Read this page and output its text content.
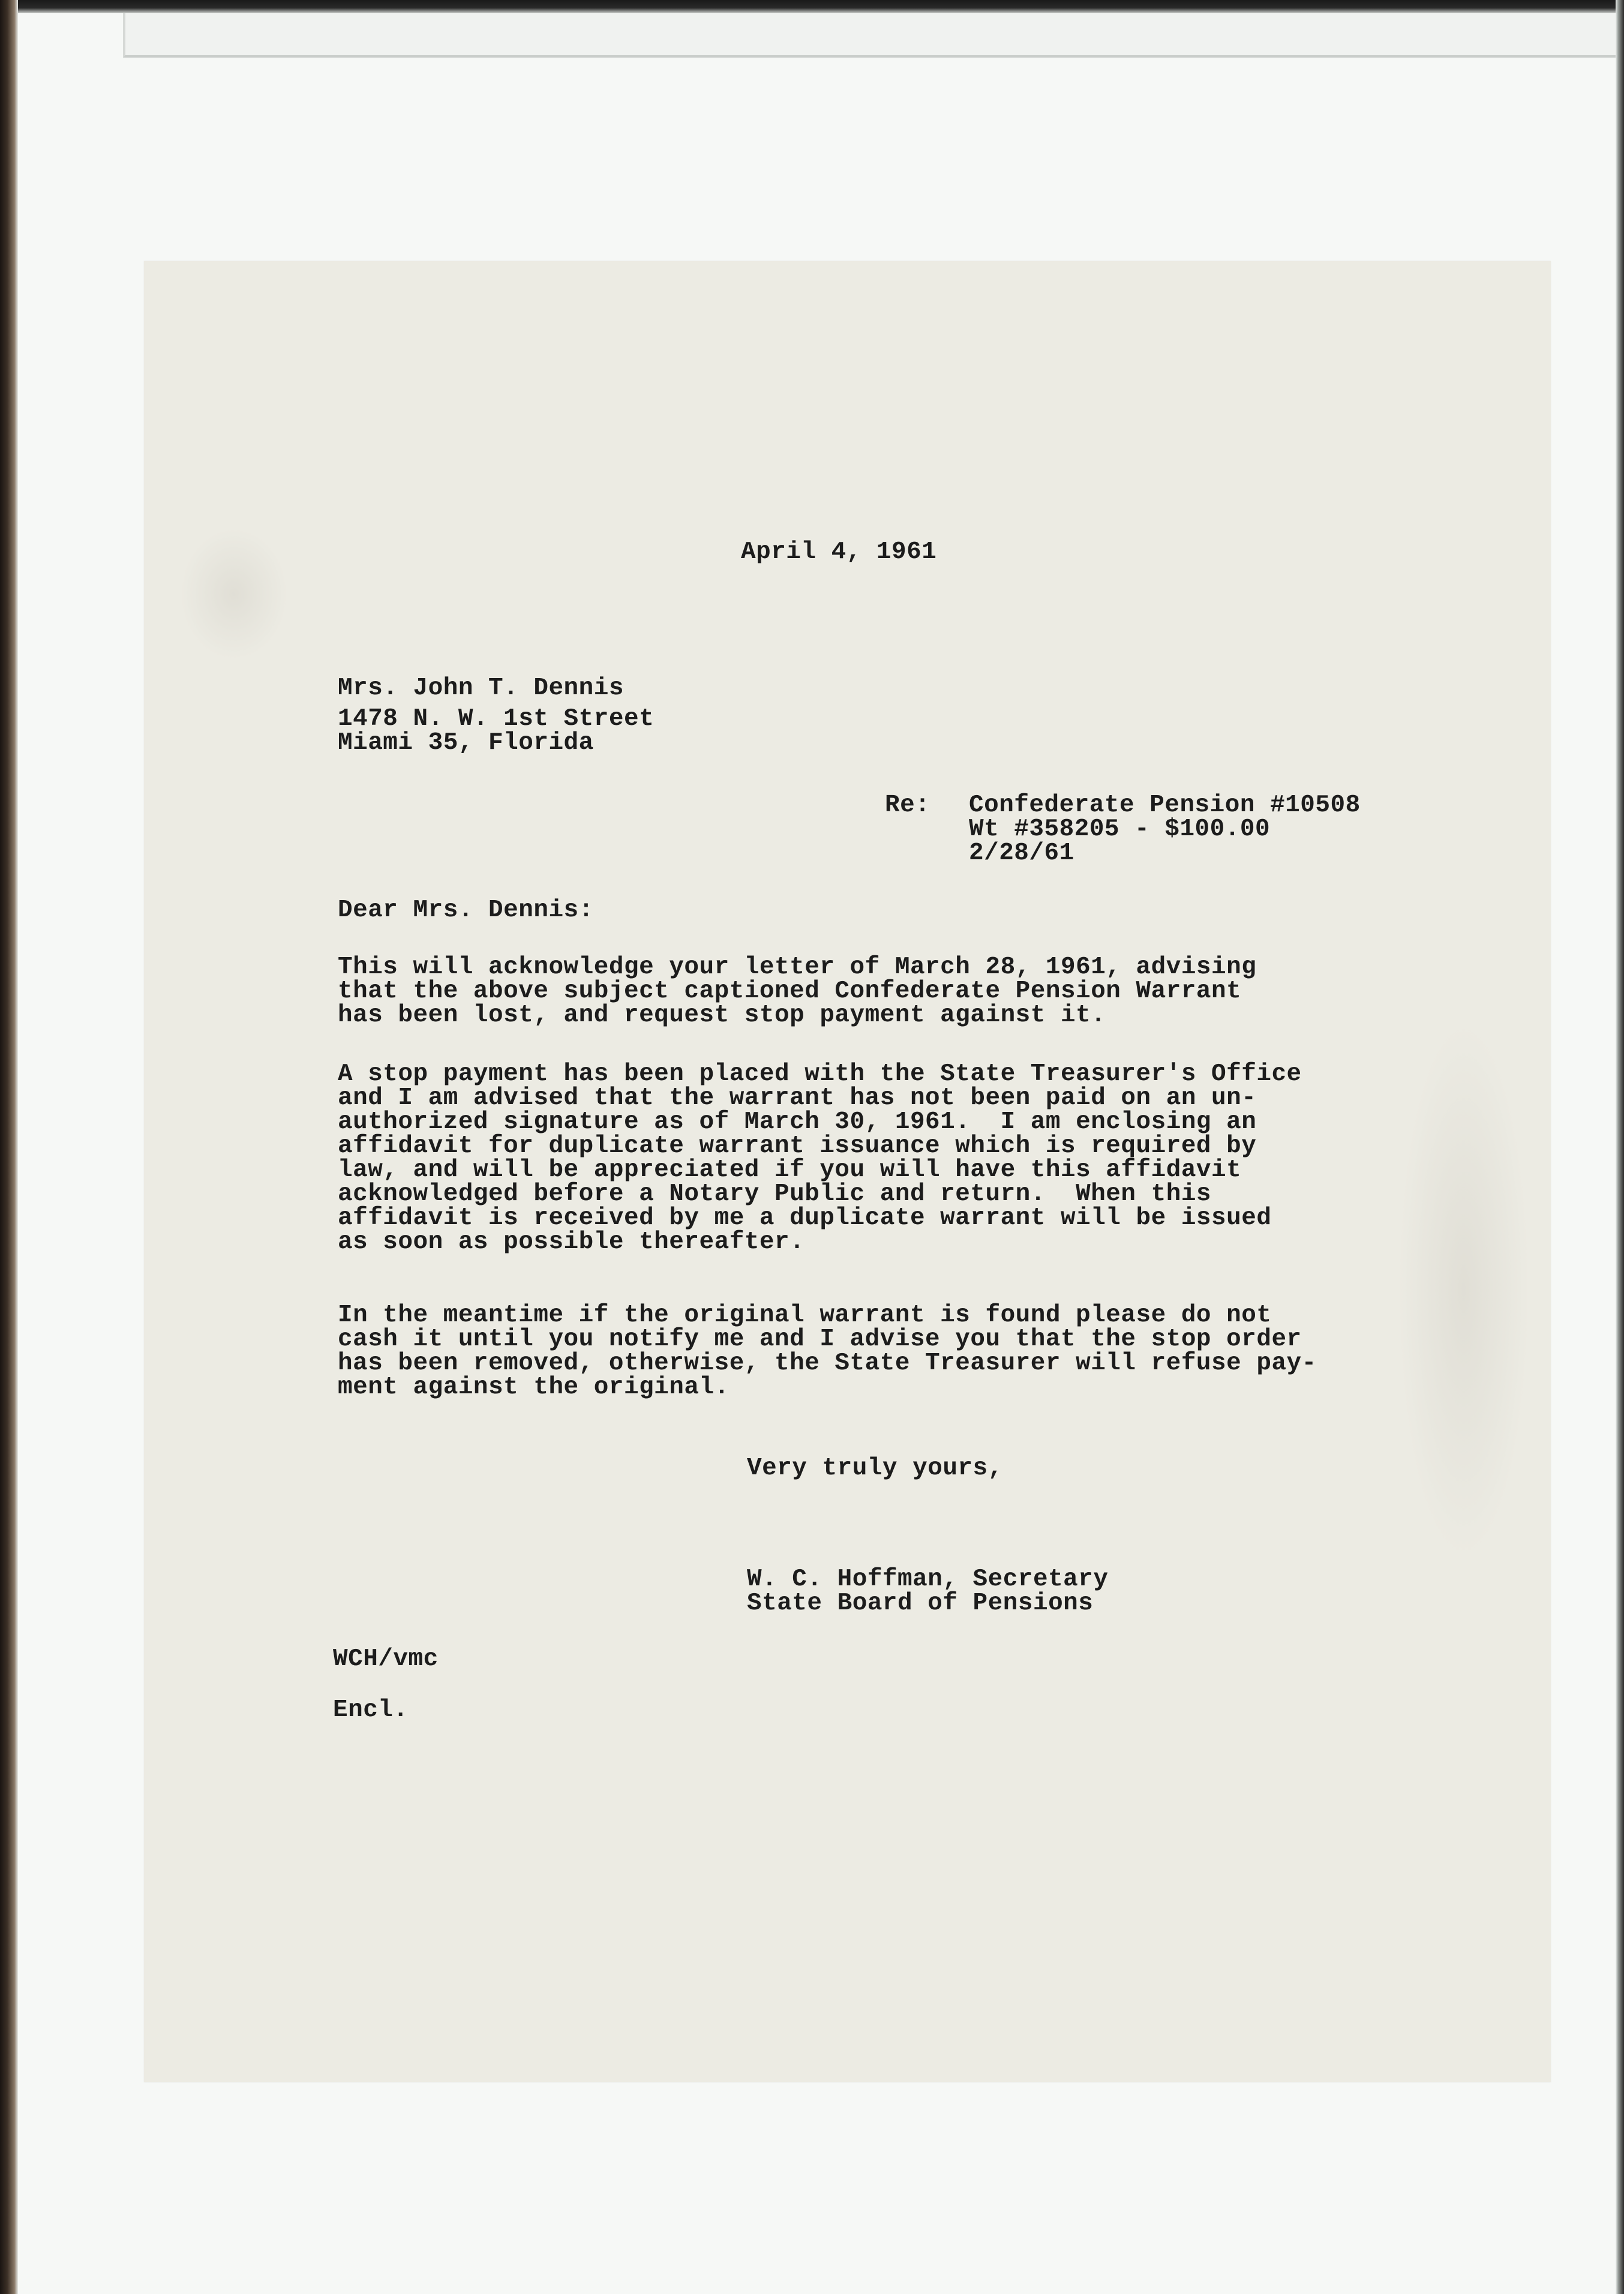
April 4, 1961
Mrs. John T. Dennis
1478 N. W. 1st Street
Miami 35, Florida
Re: Confederate Pension #10508
Wt #358205 - $100.00
2/28/61
Dear Mrs. Dennis:
This will acknowledge your letter of March 28, 1961, advising
that the above subject captioned Confederate Pension Warrant
has been lost, and request stop payment against it.
A stop payment has been placed with the State Treasurer's Office
and I am advised that the warrant has not been paid on an un-
authorized signature as of March 30, 1961.  I am enclosing an
affidavit for duplicate warrant issuance which is required by
law, and will be appreciated if you will have this affidavit
acknowledged before a Notary Public and return.  When this
affidavit is received by me a duplicate warrant will be issued
as soon as possible thereafter.
In the meantime if the original warrant is found please do not
cash it until you notify me and I advise you that the stop order
has been removed, otherwise, the State Treasurer will refuse pay-
ment against the original.
Very truly yours,
W. C. Hoffman, Secretary
State Board of Pensions
WCH/vmc
Encl.
